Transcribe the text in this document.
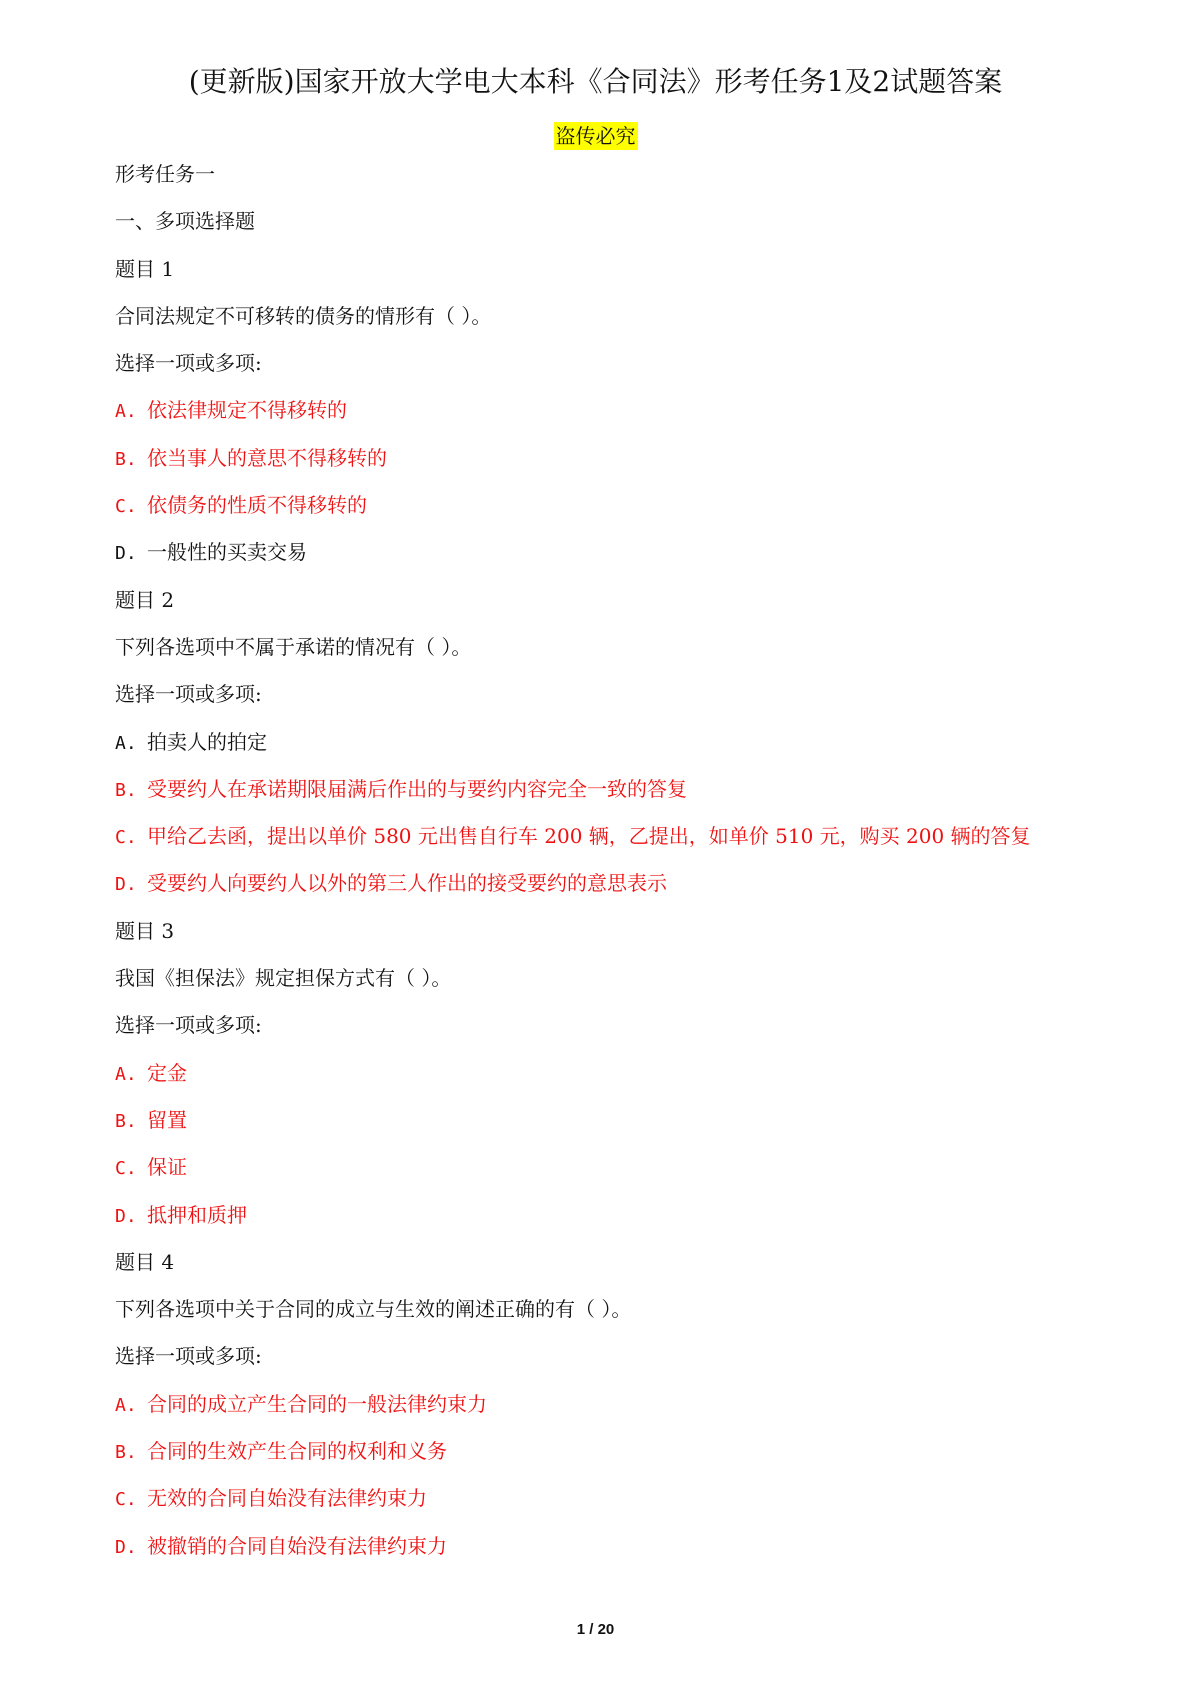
(更新版)国家开放大学电大本科《合同法》形考任务1及2试题答案
盗传必究
形考任务一
一、多项选择题
题目 1
合同法规定不可移转的债务的情形有（ ）。
选择一项或多项:
A. 依法律规定不得移转的
B. 依当事人的意思不得移转的
C. 依债务的性质不得移转的
D. 一般性的买卖交易
题目 2
下列各选项中不属于承诺的情况有（ ）。
选择一项或多项:
A. 拍卖人的拍定
B. 受要约人在承诺期限届满后作出的与要约内容完全一致的答复
C. 甲给乙去函，提出以单价 580 元出售自行车 200 辆，乙提出，如单价 510 元，购买 200 辆的答复
D. 受要约人向要约人以外的第三人作出的接受要约的意思表示
题目 3
我国《担保法》规定担保方式有（ ）。
选择一项或多项:
A. 定金
B. 留置
C. 保证
D. 抵押和质押
题目 4
下列各选项中关于合同的成立与生效的阐述正确的有（ ）。
选择一项或多项:
A. 合同的成立产生合同的一般法律约束力
B. 合同的生效产生合同的权利和义务
C. 无效的合同自始没有法律约束力
D. 被撤销的合同自始没有法律约束力
1 / 20
